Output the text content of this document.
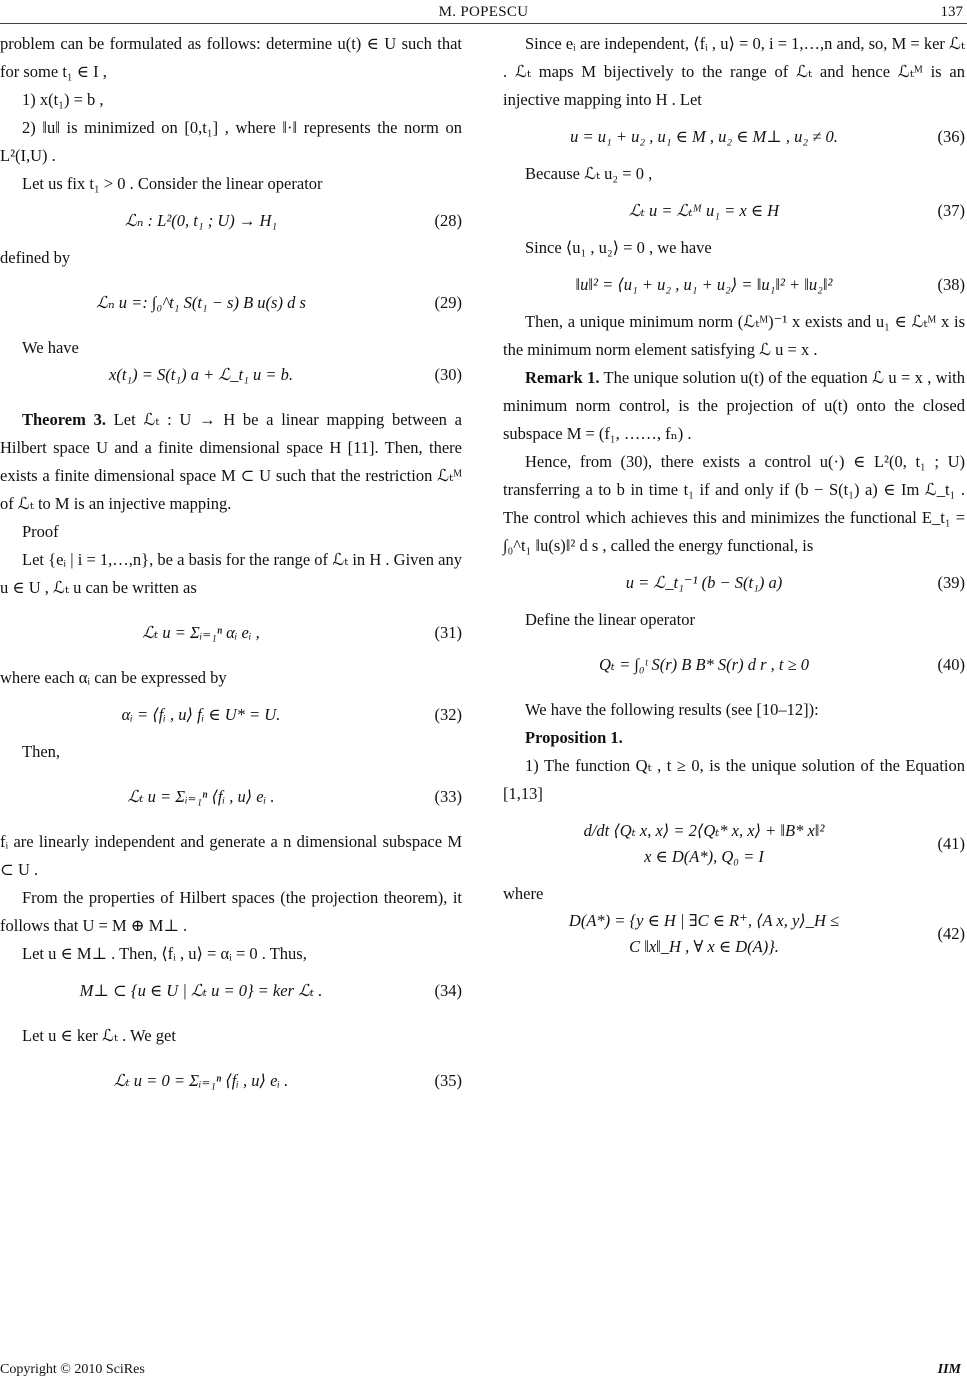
M. POPESCU	137

problem can be formulated as follows: determine u(t) ∈ U such that for some t₁ ∈ I ,

1) x(t₁) = b ,

2) ‖u‖ is minimized on [0,t₁] , where ‖·‖ represents the norm on L²(I,U) .

Let us fix t₁ > 0 . Consider the linear operator

ℒₙ : L²(0, t₁ ; U) → H₁	(28)

defined by

ℒₙ u =: ∫₀^t₁ S(t₁ − s) B u(s) d s	(29)

We have

x(t₁) = S(t₁) a + ℒ_t₁ u = b.	(30)

Theorem 3. Let ℒₜ : U → H be a linear mapping between a Hilbert space U and a finite dimensional space H [11]. Then, there exists a finite dimensional space M ⊂ U such that the restriction ℒₜᴹ of ℒₜ to M is an injective mapping.

Proof

Let {eᵢ | i = 1,…,n}, be a basis for the range of ℒₜ in H . Given any u ∈ U , ℒₜ u can be written as

ℒₜ u = Σᵢ₌₁ⁿ αᵢ eᵢ ,	(31)

where each αᵢ can be expressed by

αᵢ = ⟨fᵢ , u⟩ fᵢ ∈ U* = U.	(32)

Then,

ℒₜ u = Σᵢ₌₁ⁿ ⟨fᵢ , u⟩ eᵢ .	(33)

fᵢ are linearly independent and generate a n dimensional subspace M ⊂ U .

From the properties of Hilbert spaces (the projection theorem), it follows that U = M ⊕ M⊥ .

Let u ∈ M⊥ . Then, ⟨fᵢ , u⟩ = αᵢ = 0 . Thus,

M⊥ ⊂ {u ∈ U | ℒₜ u = 0} = ker ℒₜ .	(34)

Let u ∈ ker ℒₜ . We get

ℒₜ u = 0 = Σᵢ₌₁ⁿ ⟨fᵢ , u⟩ eᵢ .	(35)

Since eᵢ are independent, ⟨fᵢ , u⟩ = 0, i = 1,…,n and, so, M = ker ℒₜ . ℒₜ maps M bijectively to the range of ℒₜ and hence ℒₜᴹ is an injective mapping into H . Let

u = u₁ + u₂ , u₁ ∈ M , u₂ ∈ M⊥ , u₂ ≠ 0.	(36)

Because ℒₜ u₂ = 0 ,

ℒₜ u = ℒₜᴹ u₁ = x ∈ H	(37)

Since ⟨u₁ , u₂⟩ = 0 , we have

‖u‖² = ⟨u₁ + u₂ , u₁ + u₂⟩ = ‖u₁‖² + ‖u₂‖²	(38)

Then, a unique minimum norm (ℒₜᴹ)⁻¹ x exists and u₁ ∈ ℒₜᴹ x is the minimum norm element satisfying ℒ u = x .

Remark 1. The unique solution u(t) of the equation ℒ u = x , with minimum norm control, is the projection of u(t) onto the closed subspace M = (f₁, ……, fₙ) .

Hence, from (30), there exists a control u(·) ∈ L²(0, t₁ ; U) transferring a to b in time t₁ if and only if (b − S(t₁) a) ∈ Im ℒ_t₁ . The control which achieves this and minimizes the functional E_t₁ = ∫₀^t₁ ‖u(s)‖² d s , called the energy functional, is

u = ℒ_t₁⁻¹ (b − S(t₁) a)	(39)

Define the linear operator

Qₜ = ∫₀ᵗ S(r) B B* S(r) d r , t ≥ 0	(40)

We have the following results (see [10–12]):

Proposition 1.

1) The function Qₜ , t ≥ 0, is the unique solution of the Equation [1,13]

d/dt ⟨Qₜ x, x⟩ = 2⟨Qₜ* x, x⟩ + ‖B* x‖²
x ∈ D(A*), Q₀ = I
(41)

where

D(A*) = {y ∈ H | ∃C ∈ R⁺, ⟨A x, y⟩_H ≤
C ‖x‖_H , ∀ x ∈ D(A)}.
(42)
Copyright © 2010 SciRes	IIM
